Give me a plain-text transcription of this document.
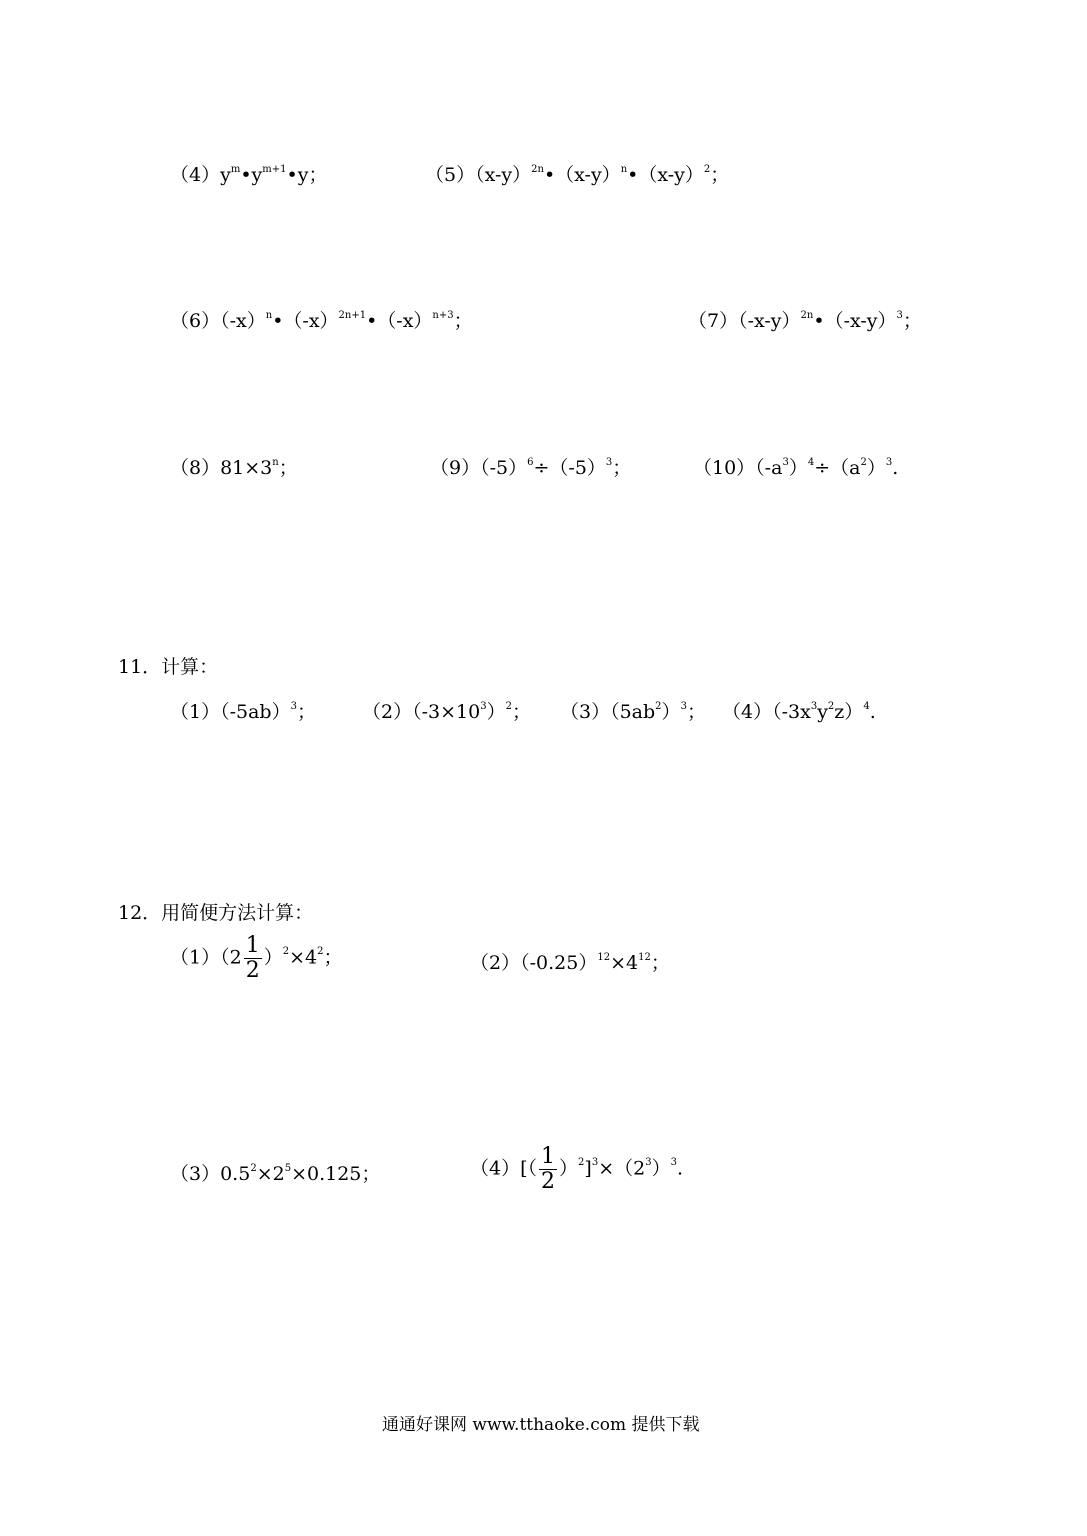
$(4)y^m•y^{m+1}•y$；	$(5)(x-y)^{2n}•(x-y)^n•(x-y)^2$；
$(6)(-x)^n•(-x)^{2n+1}•(-x)^{n+3}$；	$(7)(-x-y)^{2n}•(-x-y)^3$；
$(8)81\times 3^n$；	$(9)(-5)^6\div(-5)^3$；	$(10)(-a^3)^4\div(a^2)^3$.
11．计算：
$(1)(-5ab)^3$； $(2)(-3\times 10^3)^2$； $(3)(5ab^2)^3$； $(4)(-3x^3y^2z)^4$.
12．用简便方法计算：
$(1)(2 \frac{1}{2} )^2\times 4^2$；	$(2)(-0.25)^{12}\times 4^{12}$；
$(3)0.5^2\times 2^5\times 0.125$；	$(4)[( \frac{1}{2} )^2]^3\times(2^3)^3$.
通通好课网 www.tthaoke.com 提供下载
